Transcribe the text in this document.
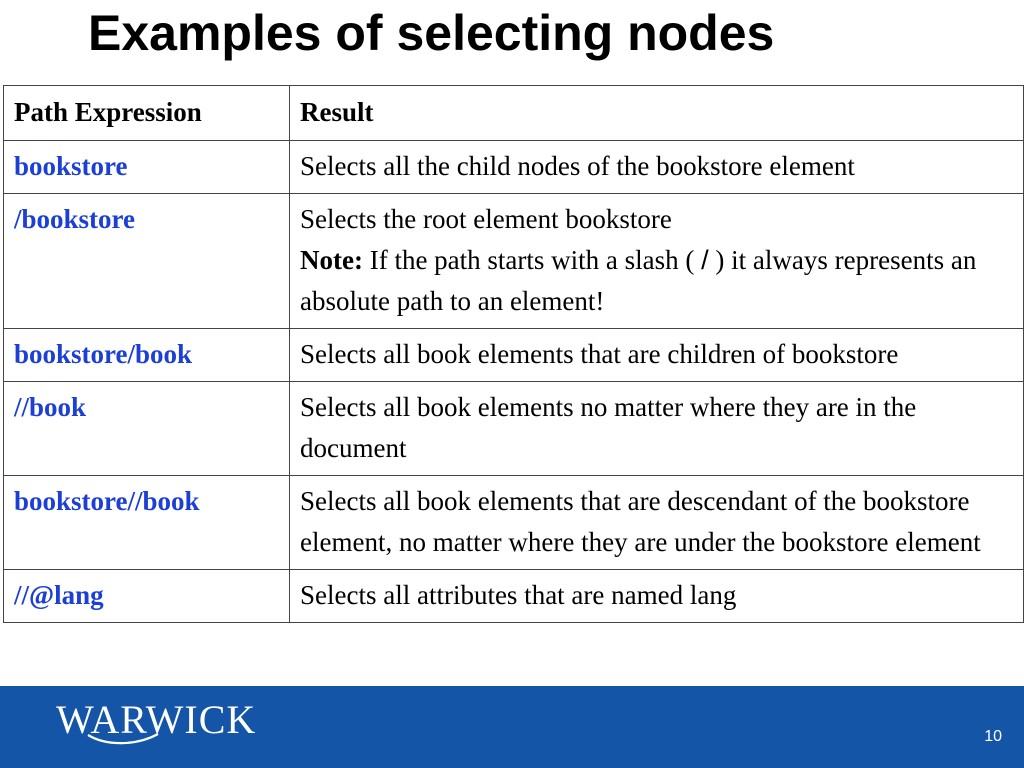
Examples of selecting nodes
Path Expression	Result
bookstore	Selects all the child nodes of the bookstore element
/bookstore	Selects the root element bookstore
Note: If the path starts with a slash ( / ) it always represents an absolute path to an element!
bookstore/book	Selects all book elements that are children of bookstore
//book	Selects all book elements no matter where they are in the document
bookstore//book	Selects all book elements that are descendant of the bookstore element, no matter where they are under the bookstore element
//@lang	Selects all attributes that are named lang
WARWICK	10
